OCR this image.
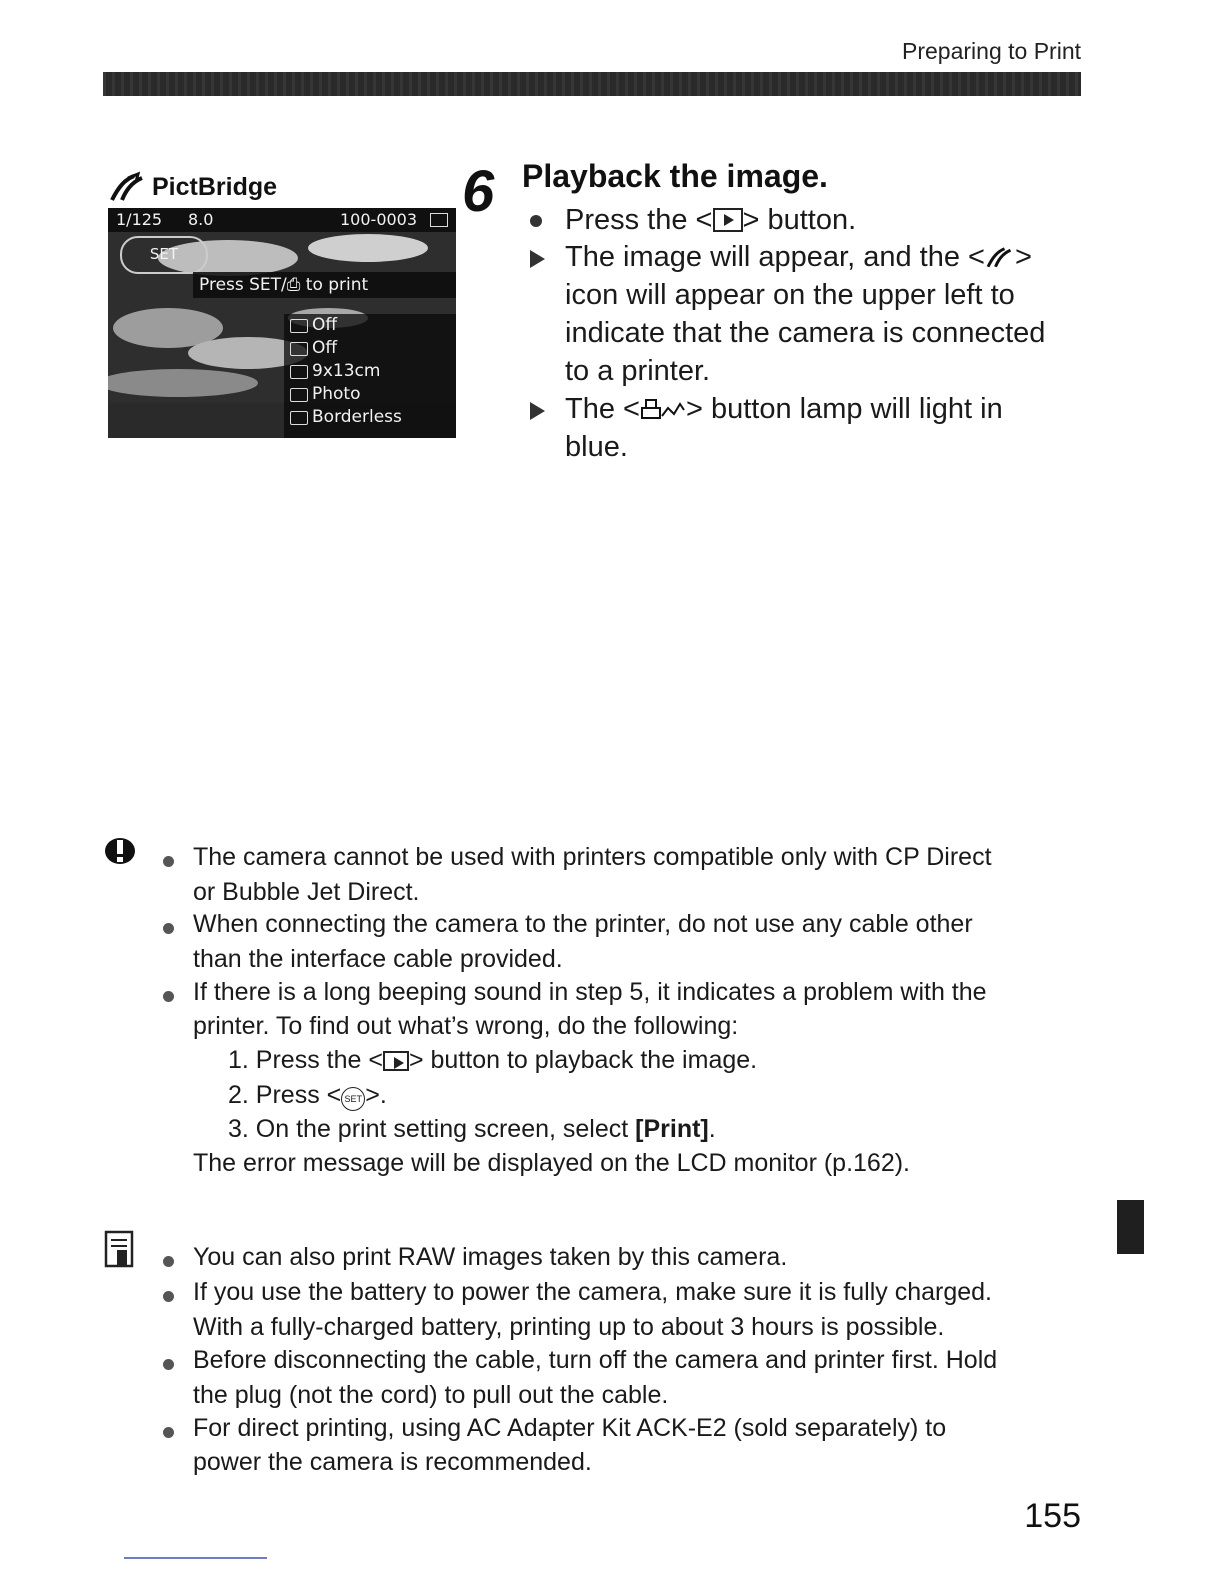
Preparing to Print
PictBridge
1/125 8.0	100-0003
SET
Press SET/⎙ to print
Off
Off
9x13cm
Photo
Borderless
6 Playback the image.
Press the < > button.
The image will appear, and the < >
icon will appear on the upper left to
indicate that the camera is connected
to a printer.
The < > button lamp will light in
blue.
The camera cannot be used with printers compatible only with CP Direct
or Bubble Jet Direct.
When connecting the camera to the printer, do not use any cable other
than the interface cable provided.
If there is a long beeping sound in step 5, it indicates a problem with the
printer. To find out what’s wrong, do the following:
1. Press the < > button to playback the image.
2. Press < SET >.
3. On the print setting screen, select [Print].
The error message will be displayed on the LCD monitor (p.162).
You can also print RAW images taken by this camera.
If you use the battery to power the camera, make sure it is fully charged.
With a fully-charged battery, printing up to about 3 hours is possible.
Before disconnecting the cable, turn off the camera and printer first. Hold
the plug (not the cord) to pull out the cable.
For direct printing, using AC Adapter Kit ACK-E2 (sold separately) to
power the camera is recommended.
155
